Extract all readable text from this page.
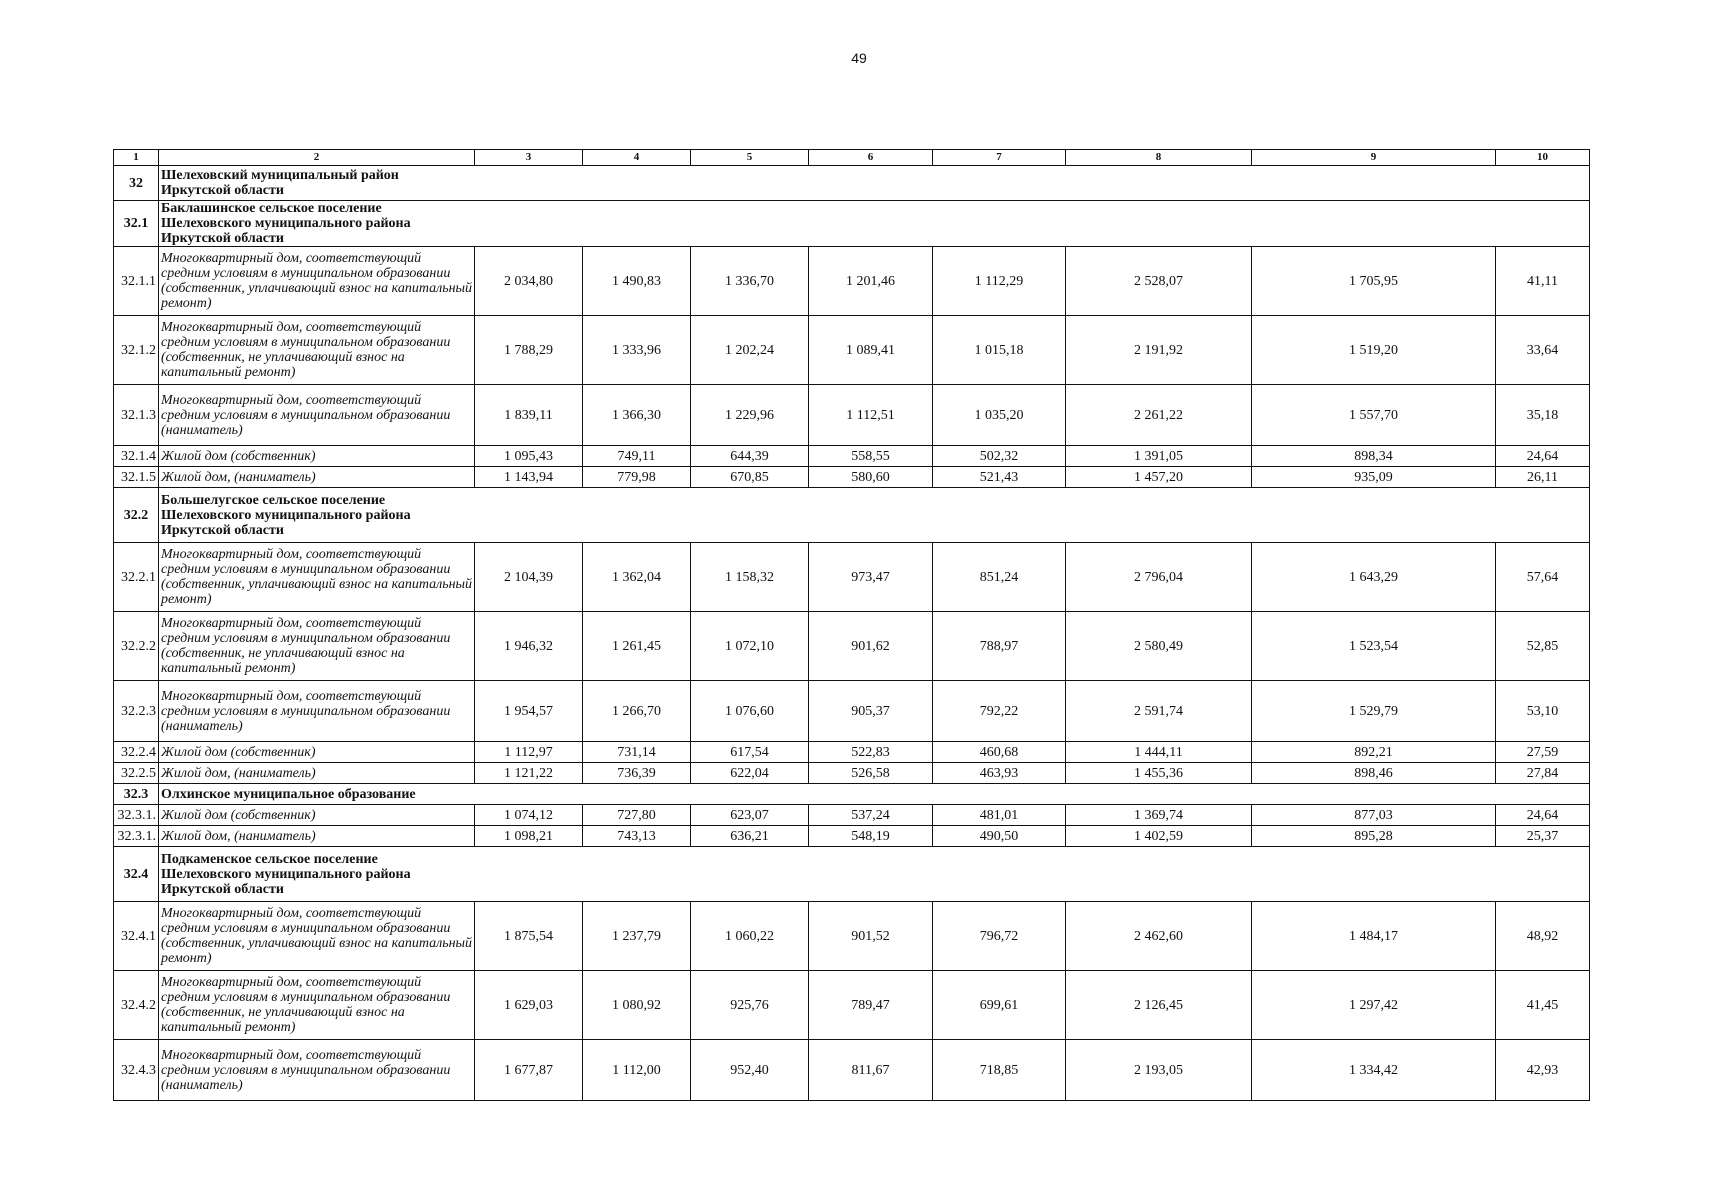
49
1	2	3	4	5	6	7	8	9	10
32	Шелеховский муниципальный район Иркутской области								

32.1	Баклашинское сельское поселение Шелеховского муниципального района Иркутской области								

32.1.1	Многоквартирный дом, соответствующий средним условиям в муниципальном образовании (собственник, уплачивающий взнос на капитальный ремонт)	2 034,80	1 490,83	1 336,70	1 201,46	1 112,29	2 528,07	1 705,95	41,11
32.1.2	Многоквартирный дом, соответствующий средним условиям в муниципальном образовании (собственник, не уплачивающий взнос на капитальный ремонт)	1 788,29	1 333,96	1 202,24	1 089,41	1 015,18	2 191,92	1 519,20	33,64
32.1.3	Многоквартирный дом, соответствующий средним условиям в муниципальном образовании (наниматель)	1 839,11	1 366,30	1 229,96	1 112,51	1 035,20	2 261,22	1 557,70	35,18
32.1.4	Жилой дом (собственник)	1 095,43	749,11	644,39	558,55	502,32	1 391,05	898,34	24,64
32.1.5	Жилой дом, (наниматель)	1 143,94	779,98	670,85	580,60	521,43	1 457,20	935,09	26,11
32.2	Большелугское сельское поселение Шелеховского муниципального района Иркутской области								

32.2.1	Многоквартирный дом, соответствующий средним условиям в муниципальном образовании (собственник, уплачивающий взнос на капитальный ремонт)	2 104,39	1 362,04	1 158,32	973,47	851,24	2 796,04	1 643,29	57,64
32.2.2	Многоквартирный дом, соответствующий средним условиям в муниципальном образовании (собственник, не уплачивающий взнос на капитальный ремонт)	1 946,32	1 261,45	1 072,10	901,62	788,97	2 580,49	1 523,54	52,85
32.2.3	Многоквартирный дом, соответствующий средним условиям в муниципальном образовании (наниматель)	1 954,57	1 266,70	1 076,60	905,37	792,22	2 591,74	1 529,79	53,10
32.2.4	Жилой дом (собственник)	1 112,97	731,14	617,54	522,83	460,68	1 444,11	892,21	27,59
32.2.5	Жилой дом, (наниматель)	1 121,22	736,39	622,04	526,58	463,93	1 455,36	898,46	27,84
32.3	Олхинское муниципальное образование								

32.3.1.	Жилой дом (собственник)	1 074,12	727,80	623,07	537,24	481,01	1 369,74	877,03	24,64
32.3.1.	Жилой дом, (наниматель)	1 098,21	743,13	636,21	548,19	490,50	1 402,59	895,28	25,37
32.4	Подкаменское сельское поселение Шелеховского муниципального района Иркутской области								

32.4.1	Многоквартирный дом, соответствующий средним условиям в муниципальном образовании (собственник, уплачивающий взнос на капитальный ремонт)	1 875,54	1 237,79	1 060,22	901,52	796,72	2 462,60	1 484,17	48,92
32.4.2	Многоквартирный дом, соответствующий средним условиям в муниципальном образовании (собственник, не уплачивающий взнос на капитальный ремонт)	1 629,03	1 080,92	925,76	789,47	699,61	2 126,45	1 297,42	41,45
32.4.3	Многоквартирный дом, соответствующий средним условиям в муниципальном образовании (наниматель)	1 677,87	1 112,00	952,40	811,67	718,85	2 193,05	1 334,42	42,93
